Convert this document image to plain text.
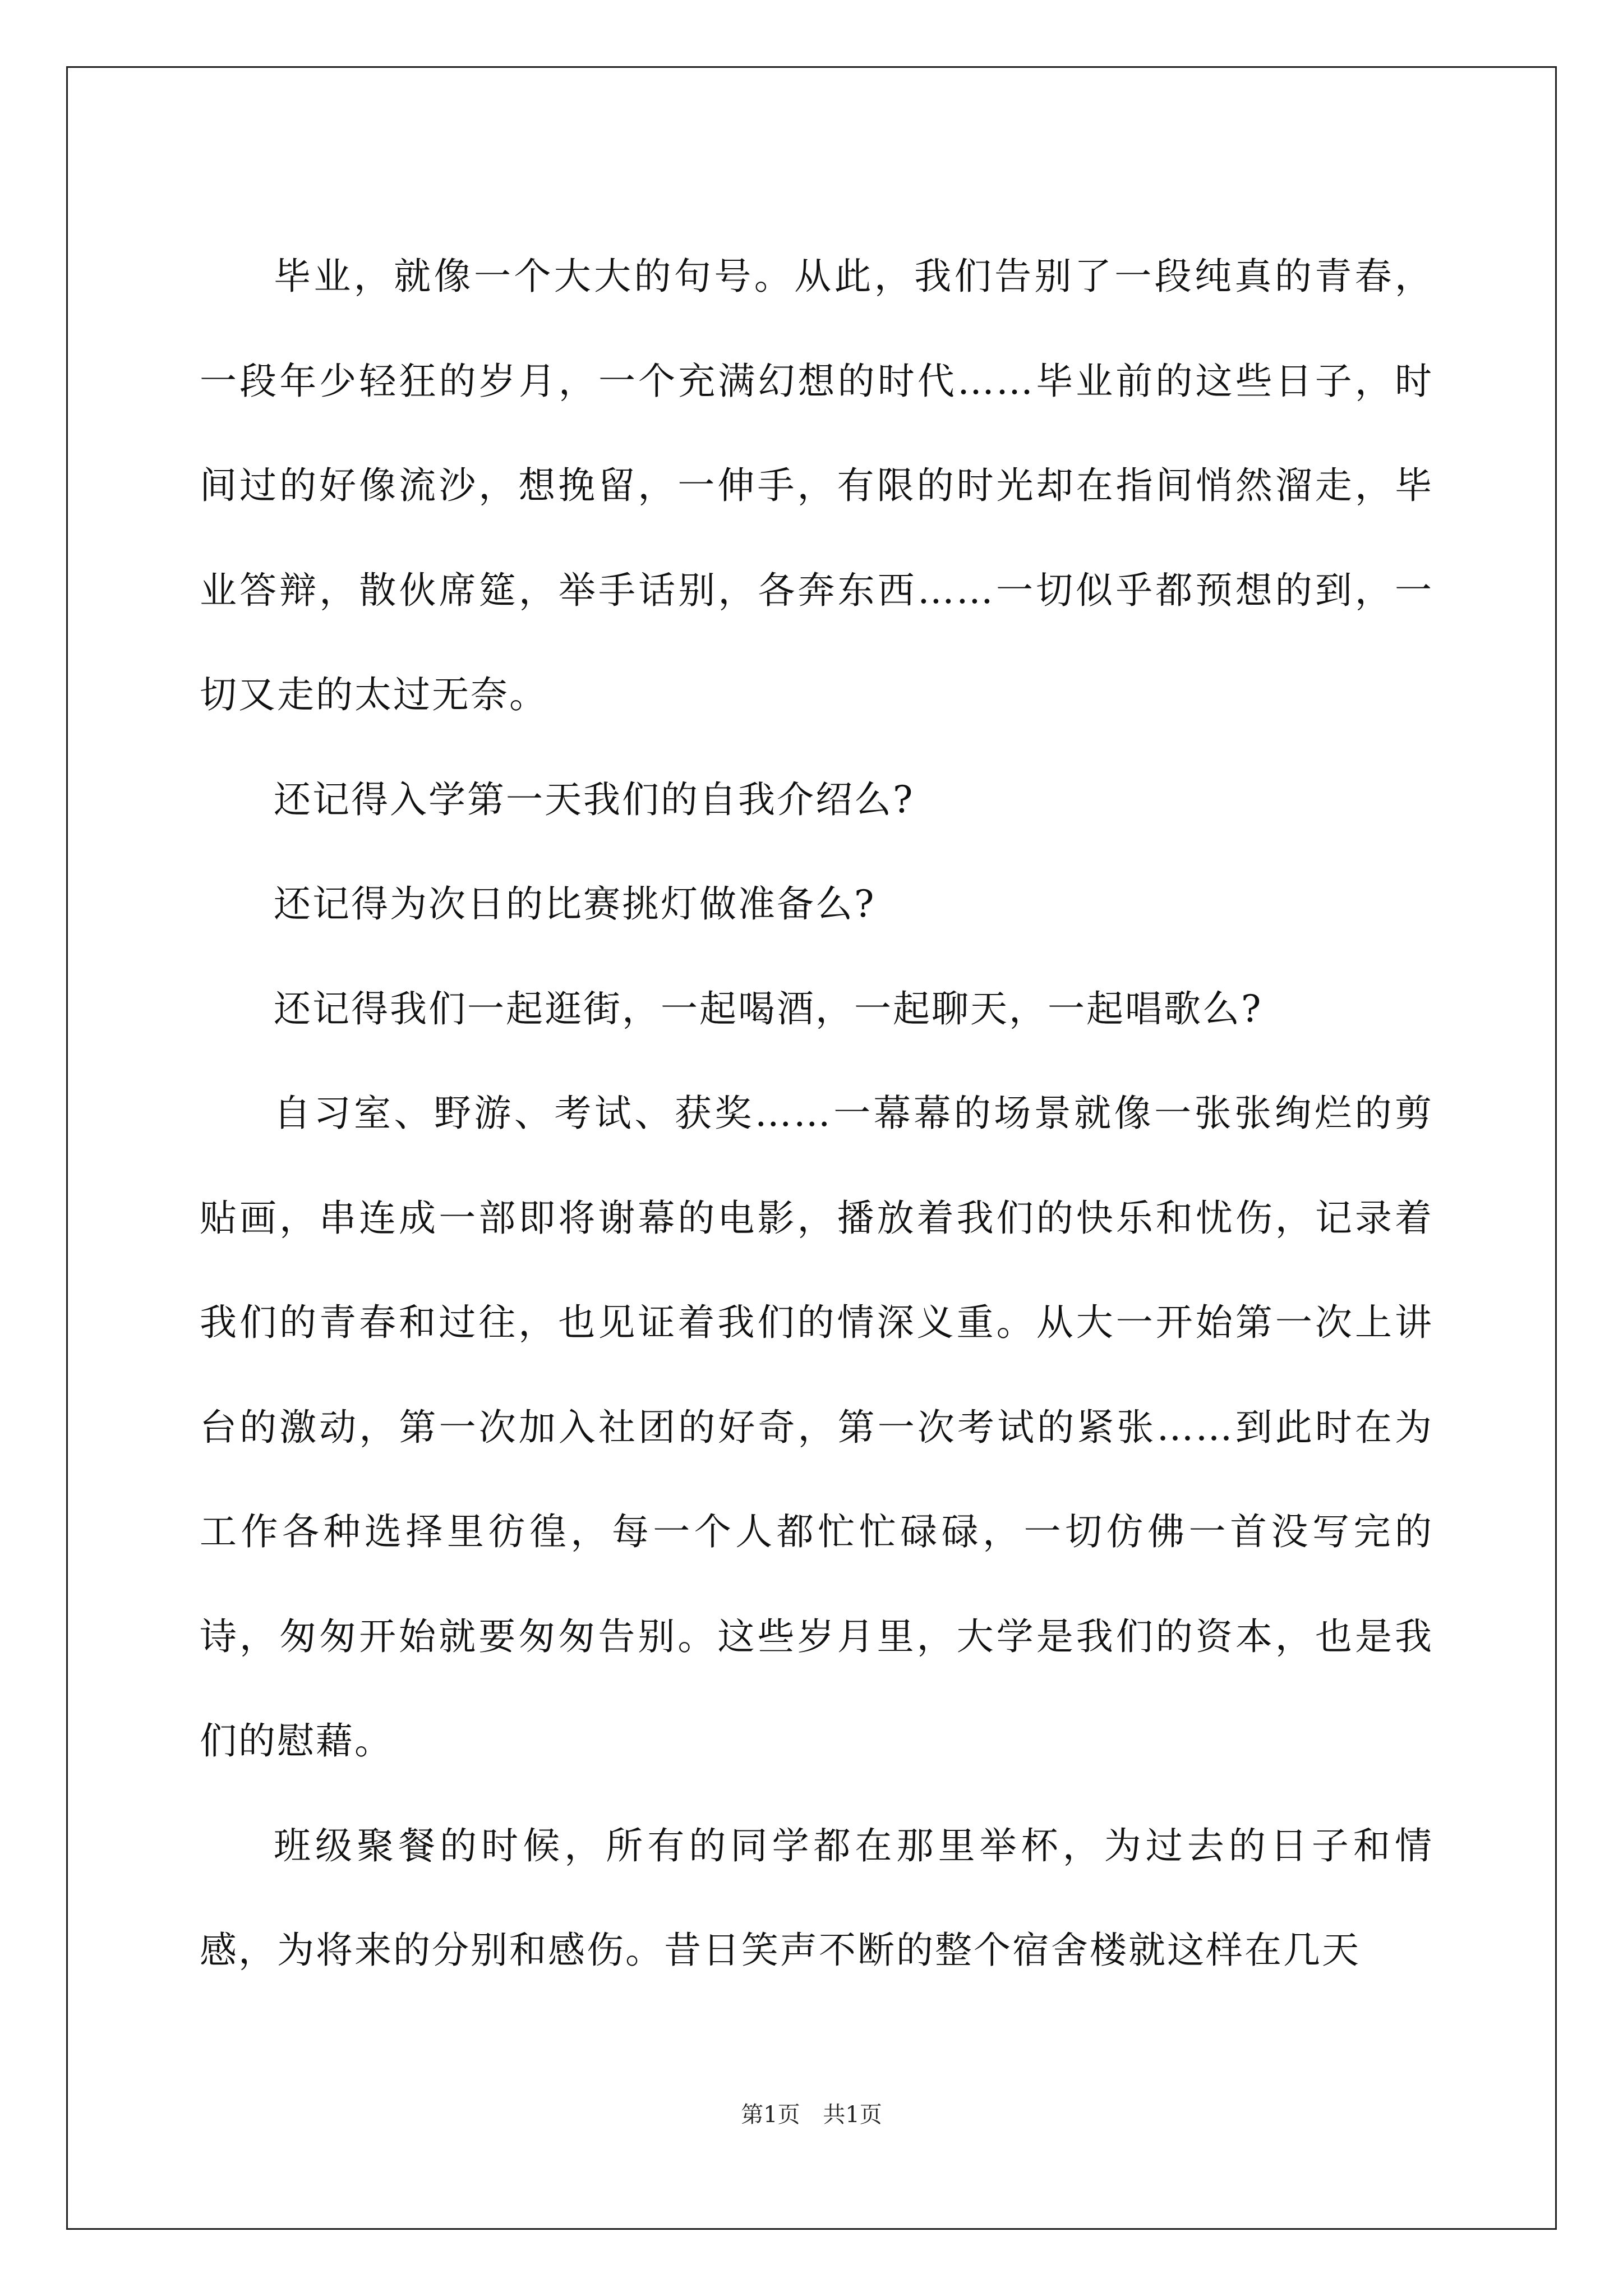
毕业，就像一个大大的句号。从此，我们告别了一段纯真的青春，一段年少轻狂的岁月，一个充满幻想的时代……毕业前的这些日子，时间过的好像流沙，想挽留，一伸手，有限的时光却在指间悄然溜走，毕业答辩，散伙席筵，举手话别，各奔东西……一切似乎都预想的到，一切又走的太过无奈。

还记得入学第一天我们的自我介绍么?

还记得为次日的比赛挑灯做准备么?

还记得我们一起逛街，一起喝酒，一起聊天，一起唱歌么?

自习室、野游、考试、获奖……一幕幕的场景就像一张张绚烂的剪贴画，串连成一部即将谢幕的电影，播放着我们的快乐和忧伤，记录着我们的青春和过往，也见证着我们的情深义重。从大一开始第一次上讲台的激动，第一次加入社团的好奇，第一次考试的紧张……到此时在为工作各种选择里彷徨，每一个人都忙忙碌碌，一切仿佛一首没写完的诗，匆匆开始就要匆匆告别。这些岁月里，大学是我们的资本，也是我们的慰藉。

班级聚餐的时候，所有的同学都在那里举杯，为过去的日子和情感，为将来的分别和感伤。昔日笑声不断的整个宿舍楼就这样在几天

第1页 共1页
